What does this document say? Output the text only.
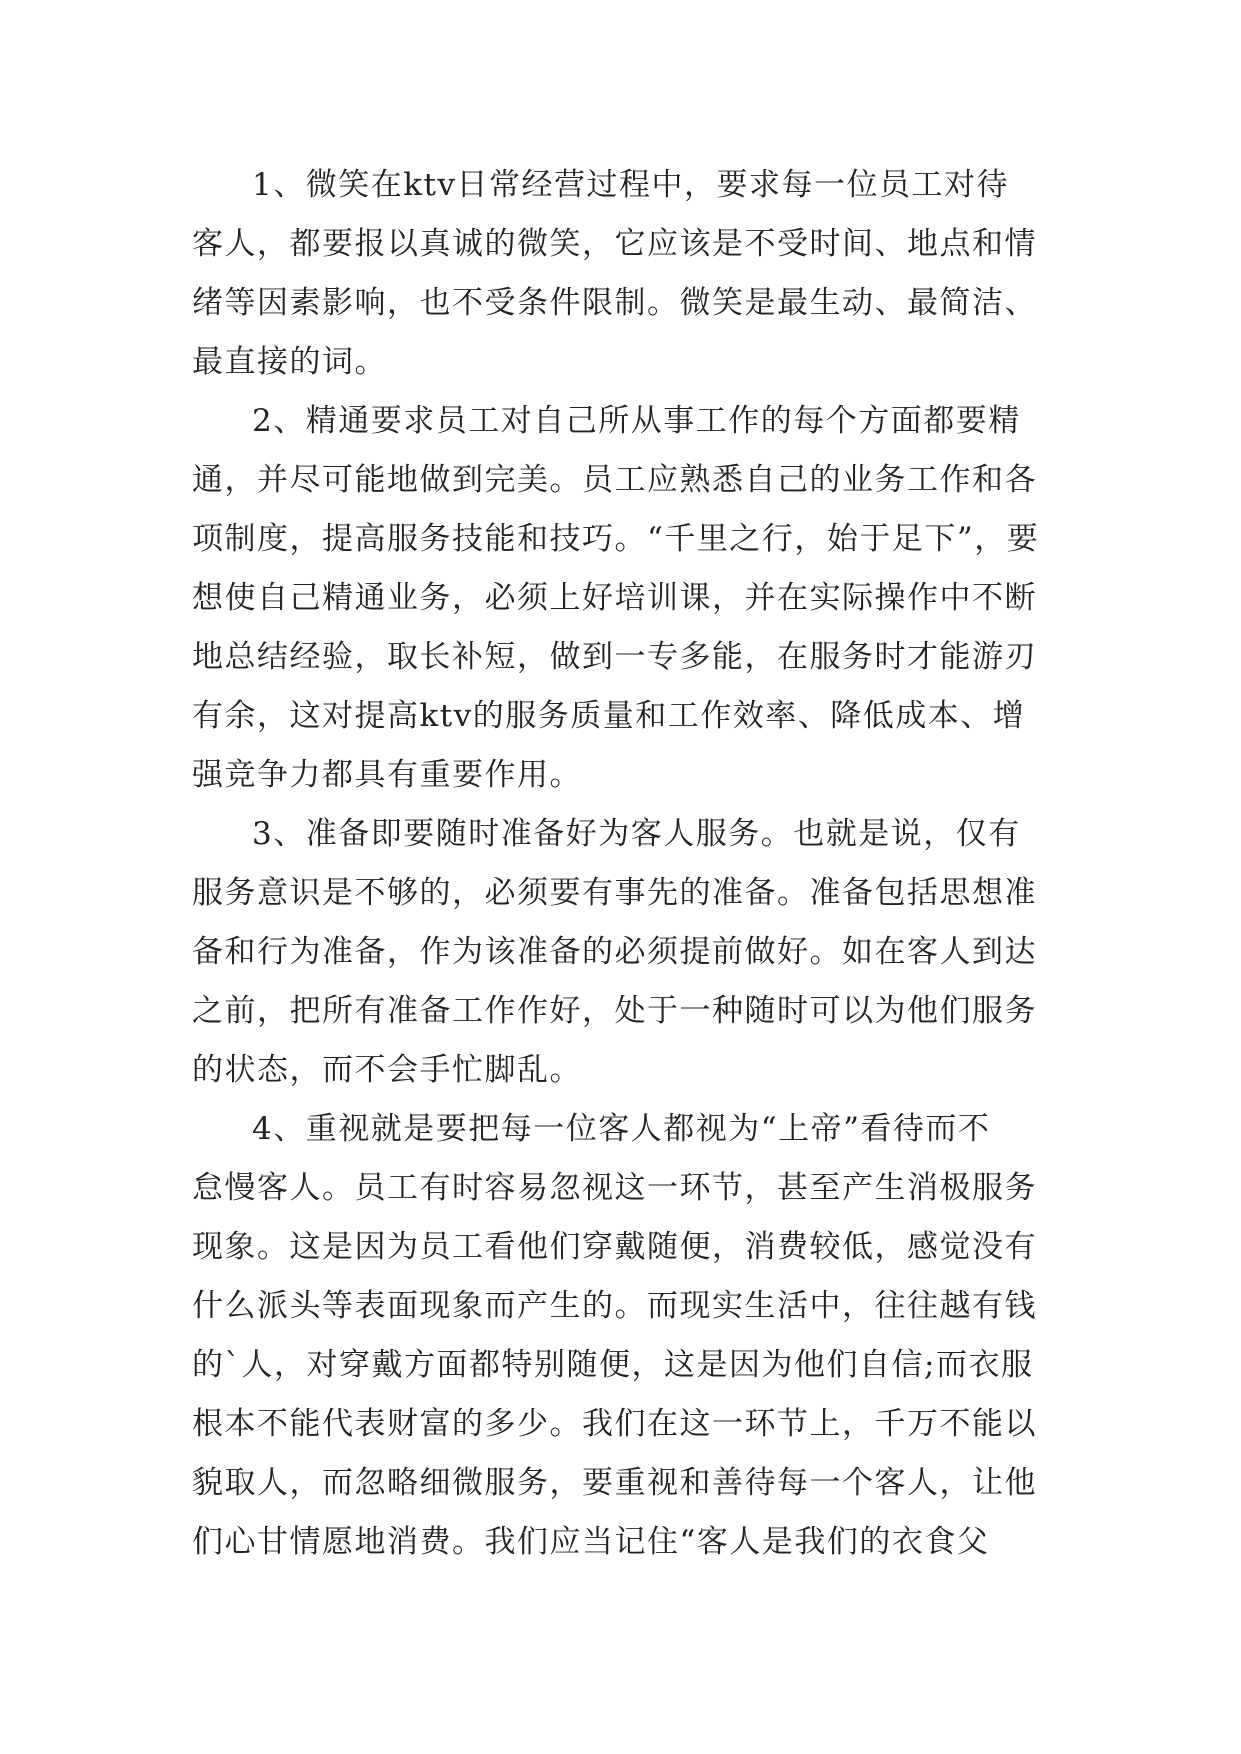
1、微笑在ktv日常经营过程中，要求每一位员工对待
客人，都要报以真诚的微笑，它应该是不受时间、地点和情
绪等因素影响，也不受条件限制。微笑是最生动、最简洁、
最直接的词。
2、精通要求员工对自己所从事工作的每个方面都要精
通，并尽可能地做到完美。员工应熟悉自己的业务工作和各
项制度，提高服务技能和技巧。“千里之行，始于足下”，要
想使自己精通业务，必须上好培训课，并在实际操作中不断
地总结经验，取长补短，做到一专多能，在服务时才能游刃
有余，这对提高ktv的服务质量和工作效率、降低成本、增
强竞争力都具有重要作用。
3、准备即要随时准备好为客人服务。也就是说，仅有
服务意识是不够的，必须要有事先的准备。准备包括思想准
备和行为准备，作为该准备的必须提前做好。如在客人到达
之前，把所有准备工作作好，处于一种随时可以为他们服务
的状态，而不会手忙脚乱。
4、重视就是要把每一位客人都视为“上帝”看待而不
怠慢客人。员工有时容易忽视这一环节，甚至产生消极服务
现象。这是因为员工看他们穿戴随便，消费较低，感觉没有
什么派头等表面现象而产生的。而现实生活中，往往越有钱
的`人，对穿戴方面都特别随便，这是因为他们自信;而衣服
根本不能代表财富的多少。我们在这一环节上，千万不能以
貌取人，而忽略细微服务，要重视和善待每一个客人，让他
们心甘情愿地消费。我们应当记住“客人是我们的衣食父
